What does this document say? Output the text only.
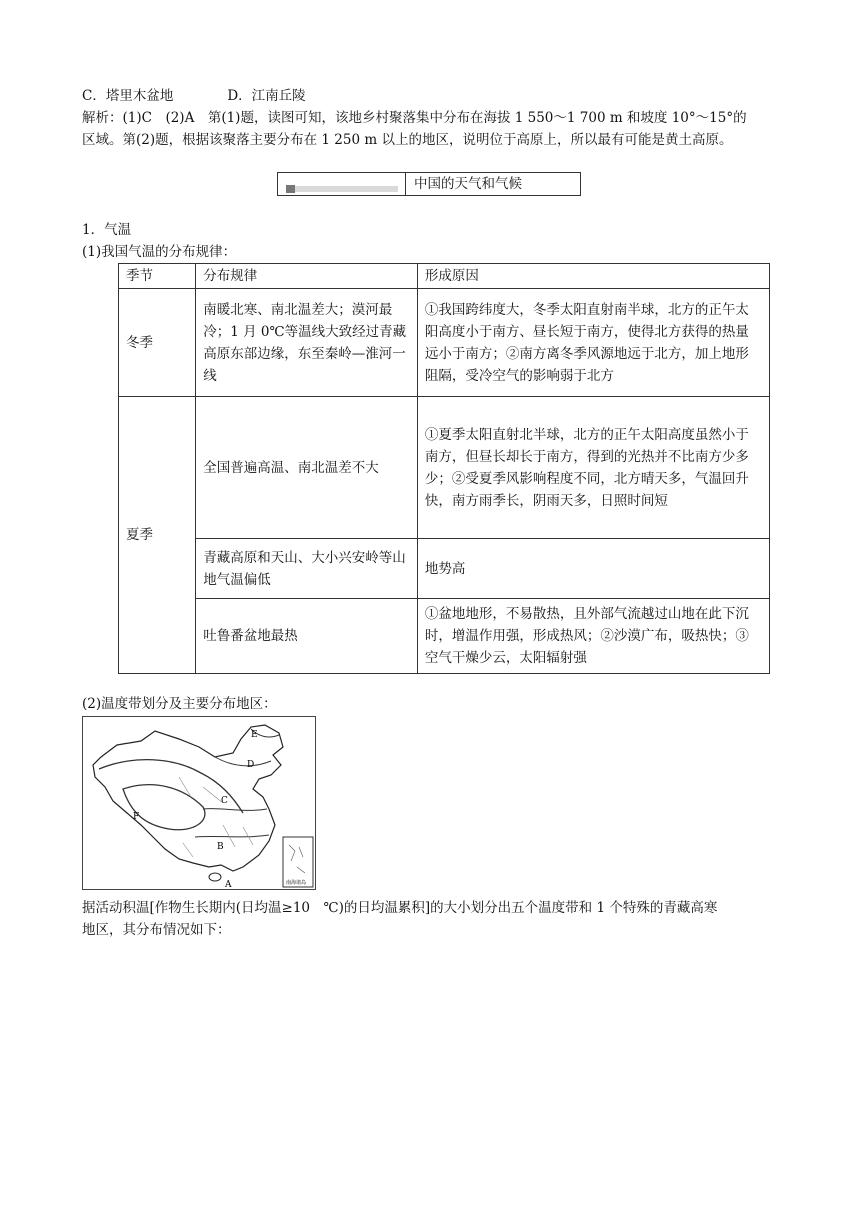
C．塔里木盆地	D．江南丘陵
解析：(1)C　(2)A　第(1)题，读图可知，该地乡村聚落集中分布在海拔 1 550～1 700 m 和坡度 10°～15°的
区域。第(2)题，根据该聚落主要分布在 1 250 m 以上的地区，说明位于高原上，所以最有可能是黄土高原。
中国的天气和气候
1．气温
(1)我国气温的分布规律：
季节	分布规律	形成原因
冬季	南暖北寒、南北温差大；漠河最冷；1 月 0℃等温线大致经过青藏高原东部边缘，东至秦岭—淮河一线	①我国跨纬度大，冬季太阳直射南半球，北方的正午太阳高度小于南方、昼长短于南方，使得北方获得的热量远小于南方；②南方离冬季风源地远于北方，加上地形阻隔，受冷空气的影响弱于北方
夏季	全国普遍高温、南北温差不大	①夏季太阳直射北半球，北方的正午太阳高度虽然小于南方，但昼长却长于南方，得到的光热并不比南方少多少；②受夏季风影响程度不同，北方晴天多，气温回升快，南方雨季长，阴雨天多，日照时间短
	青藏高原和天山、大小兴安岭等山地气温偏低	地势高
	吐鲁番盆地最热	①盆地地形，不易散热，且外部气流越过山地在此下沉时，增温作用强，形成热风；②沙漠广布，吸热快；③空气干燥少云，太阳辐射强
(2)温度带划分及主要分布地区：
南海诸岛
E
D
C
F
B
A
据活动积温[作物生长期内(日均温≥10　℃)的日均温累积]的大小划分出五个温度带和 1 个特殊的青藏高寒
地区，其分布情况如下：
